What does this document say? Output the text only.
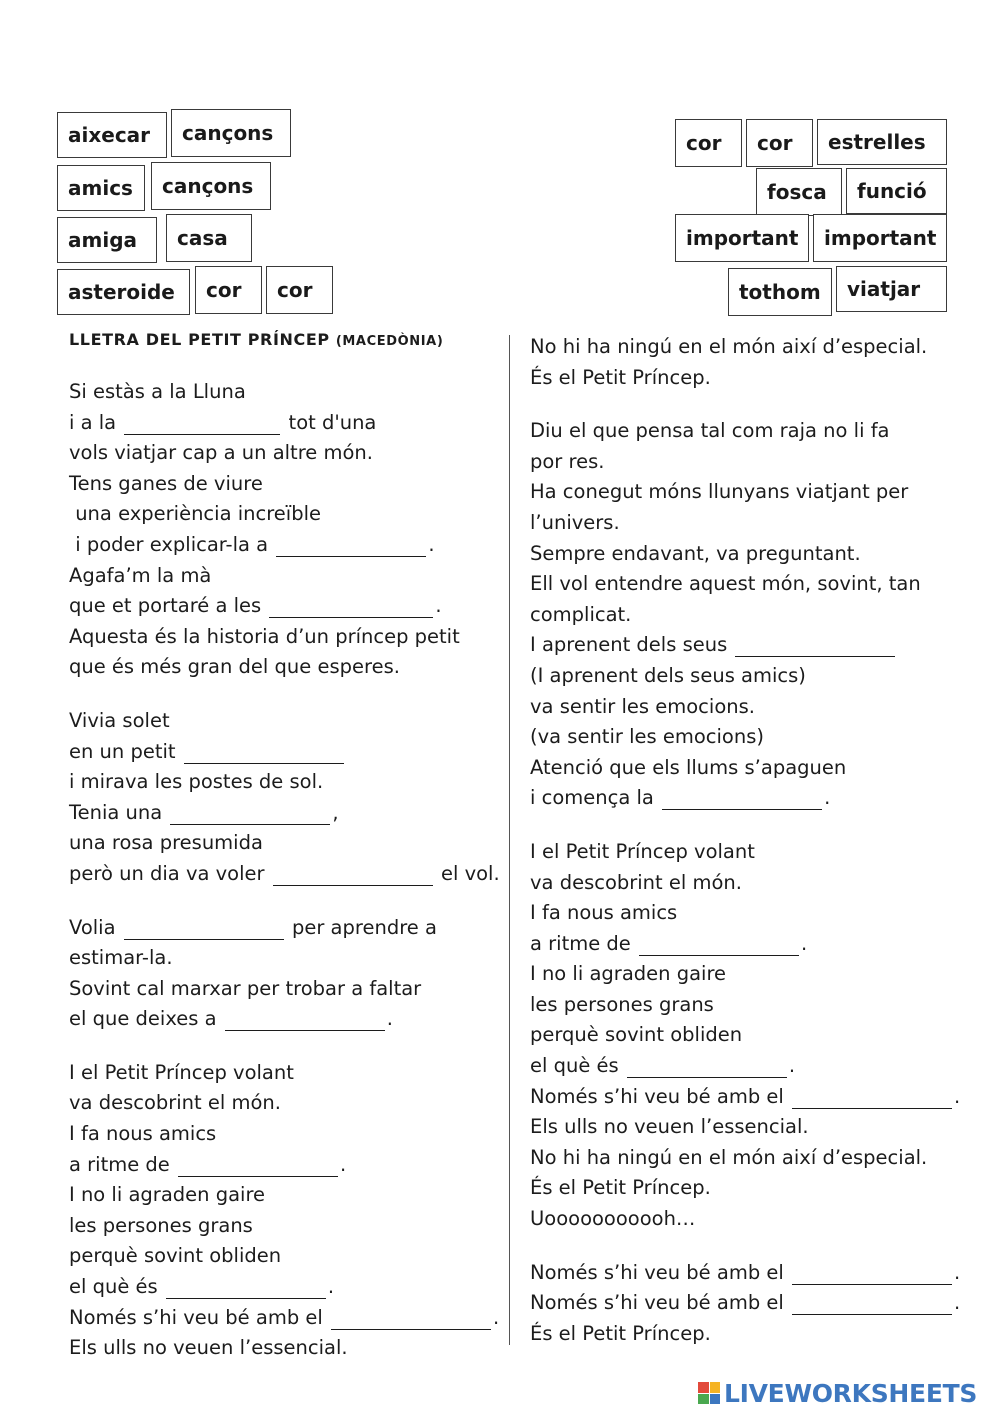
aixecar	cançons
amics	cançons
amiga	casa
asteroide	cor	cor
cor	cor	estrelles
fosca	funció
important	important
tothom	viatjar
LLETRA DEL PETIT PRÍNCEP (MACEDÒNIA)
Si estàs a la Lluna
i a la	tot d'una
vols viatjar cap a un altre món.
Tens ganes de viure
una experiència increïble
i poder explicar-la a	.
Agafa’m la mà
que et portaré a les	.
Aquesta és la historia d’un príncep petit
que és més gran del que esperes.
Vivia solet
en un petit
i mirava les postes de sol.
Tenia una	,
una rosa presumida
però un dia va voler	el vol.
Volia	per aprendre a
estimar-la.
Sovint cal marxar per trobar a faltar
el que deixes a	.
I el Petit Príncep volant
va descobrint el món.
I fa nous amics
a ritme de	.
I no li agraden gaire
les persones grans
perquè sovint obliden
el què és	.
Només s’hi veu bé amb el	.
Els ulls no veuen l’essencial.
No hi ha ningú en el món així d’especial.
És el Petit Príncep.
Diu el que pensa tal com raja no li fa
por res.
Ha conegut móns llunyans viatjant per
l’univers.
Sempre endavant, va preguntant.
Ell vol entendre aquest món, sovint, tan
complicat.
I aprenent dels seus
(I aprenent dels seus amics)
va sentir les emocions.
(va sentir les emocions)
Atenció que els llums s’apaguen
i comença la	.
I el Petit Príncep volant
va descobrint el món.
I fa nous amics
a ritme de	.
I no li agraden gaire
les persones grans
perquè sovint obliden
el què és	.
Només s’hi veu bé amb el	.
Els ulls no veuen l’essencial.
No hi ha ningú en el món així d’especial.
És el Petit Príncep.
Uooooooooooh…
Només s’hi veu bé amb el	.
Només s’hi veu bé amb el	.
És el Petit Príncep.
LIVEWORKSHEETS
